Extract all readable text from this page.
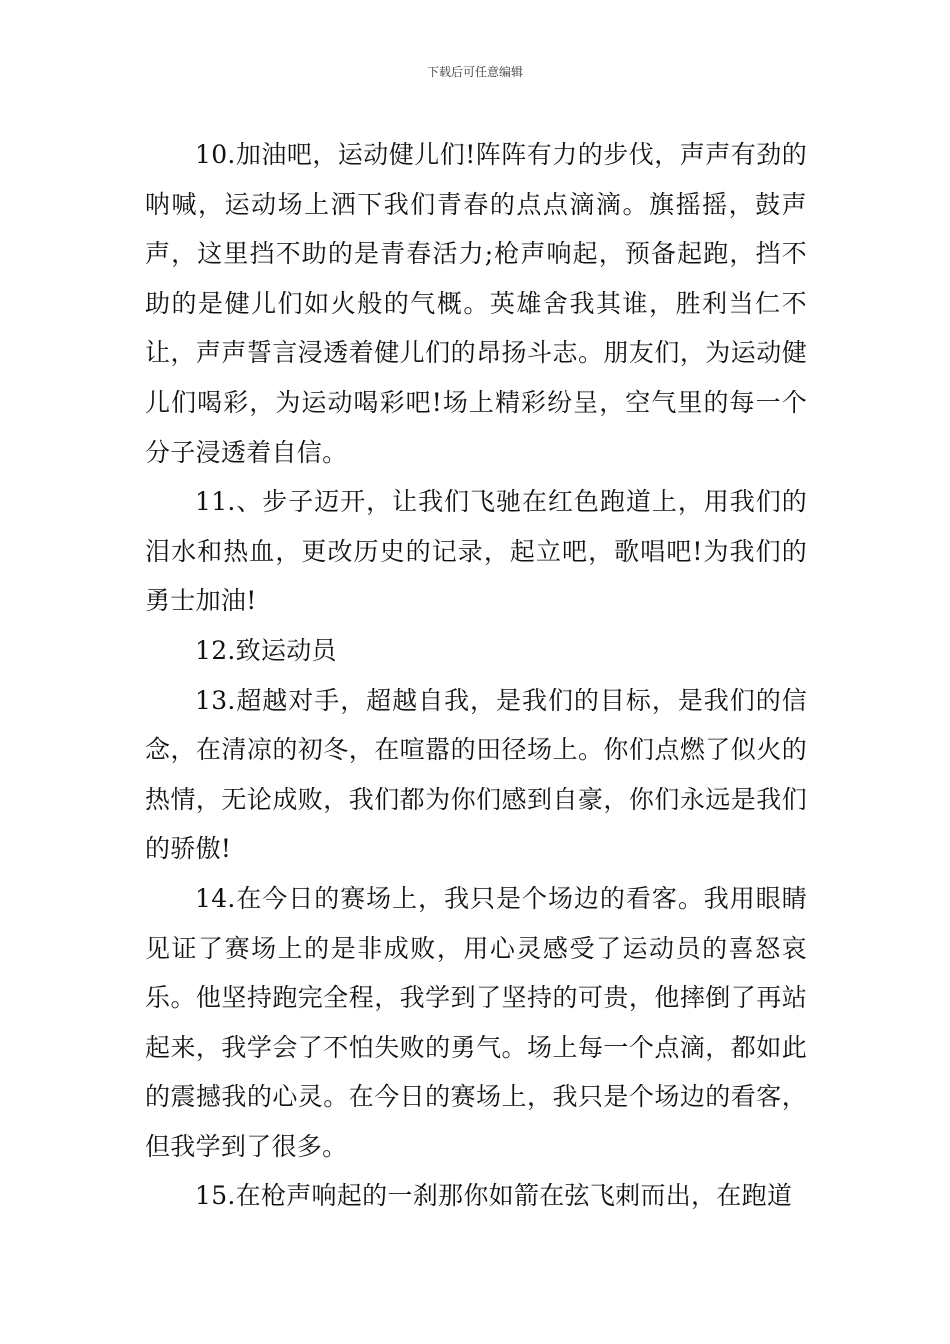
下载后可任意编辑

10.加油吧，运动健儿们!阵阵有力的步伐，声声有劲的呐喊，运动场上洒下我们青春的点点滴滴。旗摇摇，鼓声声，这里挡不助的是青春活力;枪声响起，预备起跑，挡不助的是健儿们如火般的气概。英雄舍我其谁，胜利当仁不让，声声誓言浸透着健儿们的昂扬斗志。朋友们，为运动健儿们喝彩，为运动喝彩吧!场上精彩纷呈，空气里的每一个分子浸透着自信。

11.、步子迈开，让我们飞驰在红色跑道上，用我们的泪水和热血，更改历史的记录，起立吧，歌唱吧!为我们的勇士加油!

12.致运动员

13.超越对手，超越自我，是我们的目标，是我们的信念，在清凉的初冬，在喧嚣的田径场上。你们点燃了似火的热情，无论成败，我们都为你们感到自豪，你们永远是我们的骄傲!

14.在今日的赛场上，我只是个场边的看客。我用眼睛见证了赛场上的是非成败，用心灵感受了运动员的喜怒哀乐。他坚持跑完全程，我学到了坚持的可贵，他摔倒了再站起来，我学会了不怕失败的勇气。场上每一个点滴，都如此的震撼我的心灵。在今日的赛场上，我只是个场边的看客，但我学到了很多。

15.在枪声响起的一刹那你如箭在弦飞刺而出，在跑道
